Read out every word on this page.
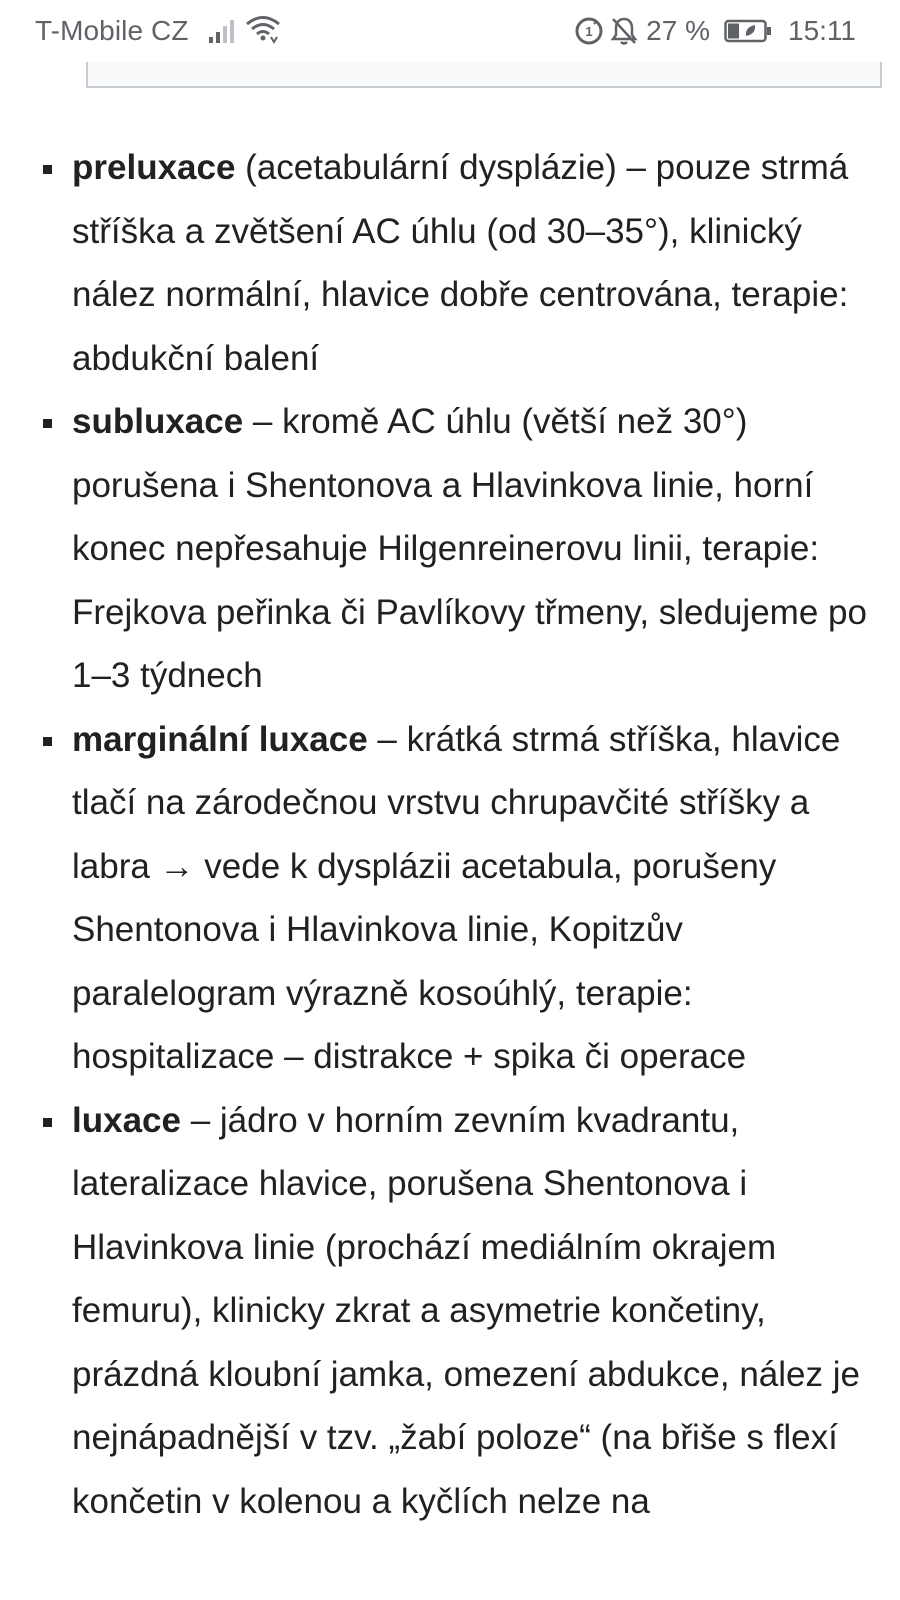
T-Mobile CZ	1 27 %	15:11
preluxace (acetabulární dysplázie) – pouze strmá stříška a zvětšení AC úhlu (od 30–35°), klinický nález normální, hlavice dobře centrována, terapie: abdukční balení
subluxace – kromě AC úhlu (větší než 30°) porušena i Shentonova a Hlavinkova linie, horní konec nepřesahuje Hilgenreinerovu linii, terapie: Frejkova peřinka či Pavlíkovy třmeny, sledujeme po 1–3 týdnech
marginální luxace – krátká strmá stříška, hlavice tlačí na zárodečnou vrstvu chrupavčité stříšky a labra → vede k dysplázii acetabula, porušeny Shentonova i Hlavinkova linie, Kopitzův paralelogram výrazně kosoúhlý, terapie: hospitalizace – distrakce + spika či operace
luxace – jádro v horním zevním kvadrantu, lateralizace hlavice, porušena Shentonova i Hlavinkova linie (prochází mediálním okrajem femuru), klinicky zkrat a asymetrie končetiny, prázdná kloubní jamka, omezení abdukce, nález je nejnápadnější v tzv. „žabí poloze“ (na břiše s flexí končetin v kolenou a kyčlích nelze na
